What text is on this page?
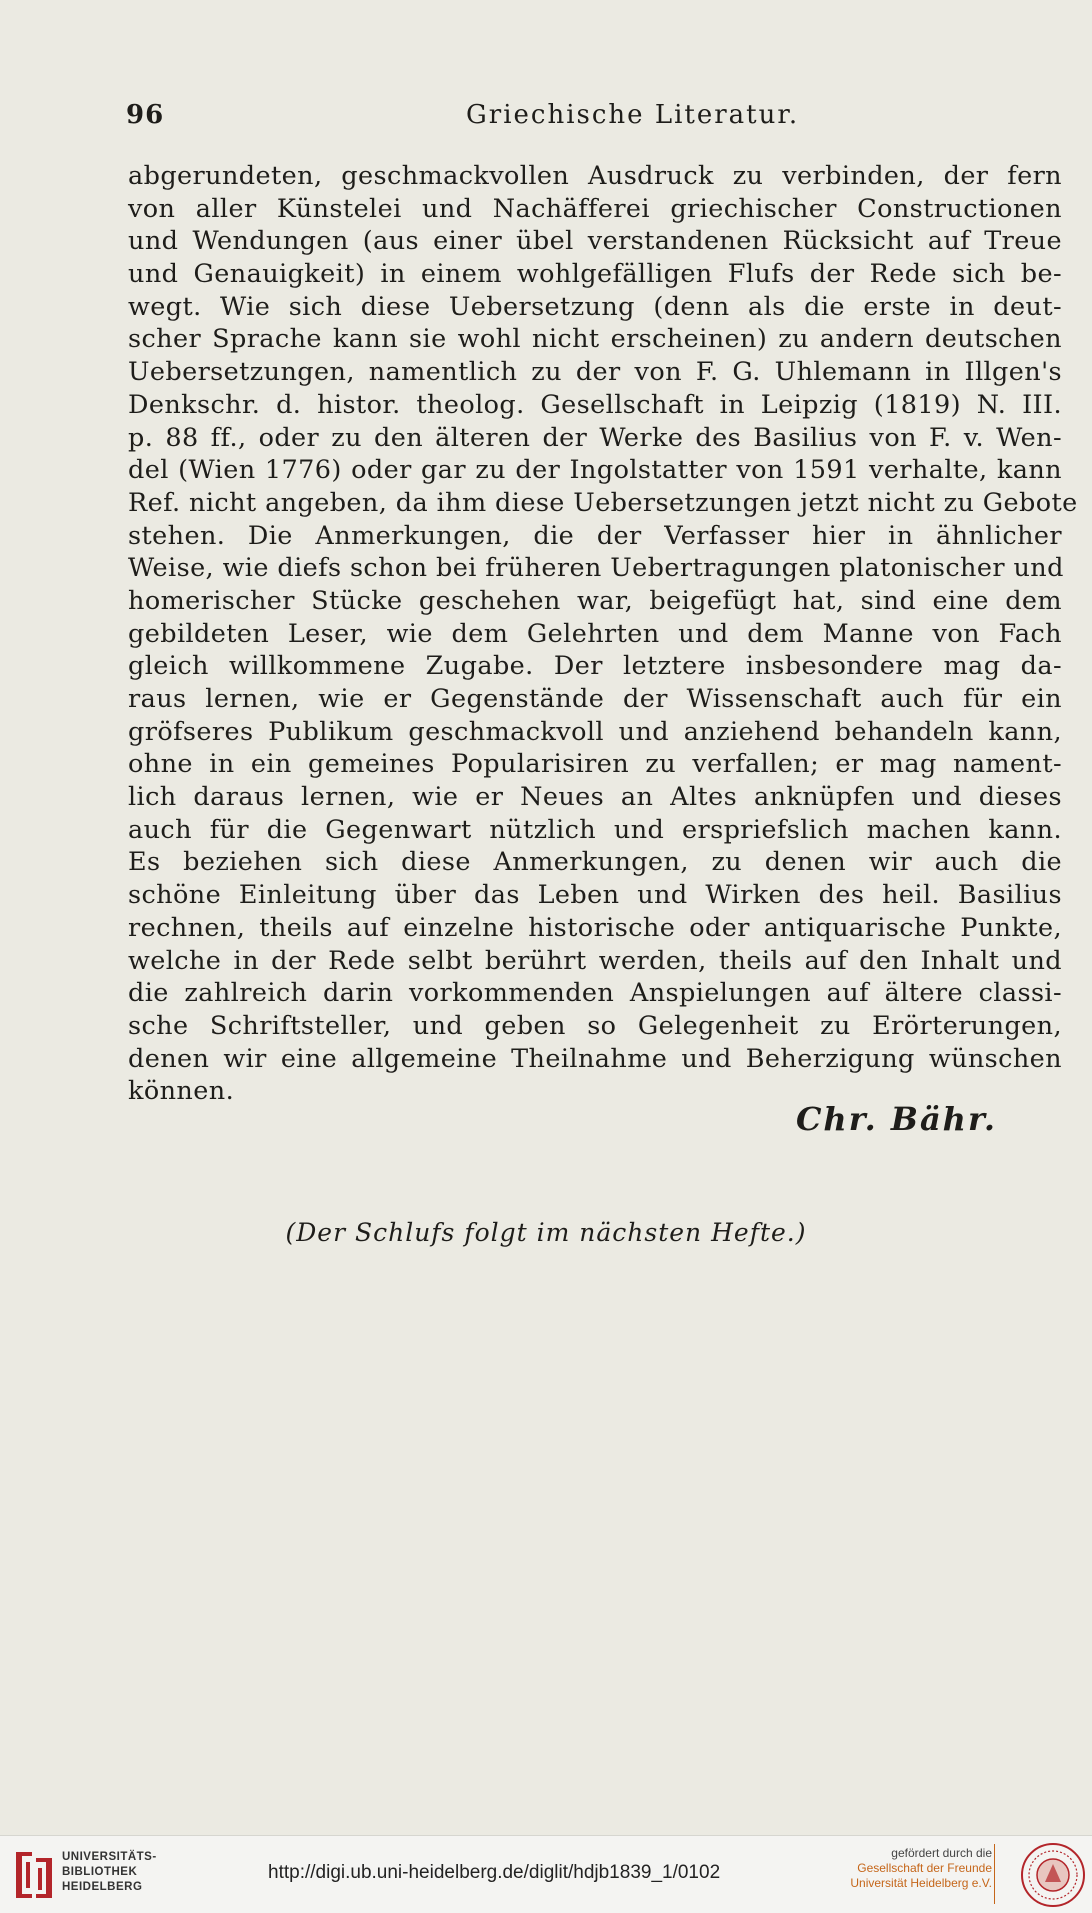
96	Griechische Literatur.
abgerundeten, geschmackvollen Ausdruck zu verbinden, der fern
von aller Künstelei und Nachäfferei griechischer Constructionen
und Wendungen (aus einer übel verstandenen Rücksicht auf Treue
und Genauigkeit) in einem wohlgefälligen Flufs der Rede sich be-
wegt. Wie sich diese Uebersetzung (denn als die erste in deut-
scher Sprache kann sie wohl nicht erscheinen) zu andern deutschen
Uebersetzungen, namentlich zu der von F. G. Uhlemann in Illgen's
Denkschr. d. histor. theolog. Gesellschaft in Leipzig (1819) N. III.
p. 88 ff., oder zu den älteren der Werke des Basilius von F. v. Wen-
del (Wien 1776) oder gar zu der Ingolstatter von 1591 verhalte, kann
Ref. nicht angeben, da ihm diese Uebersetzungen jetzt nicht zu Gebote
stehen. Die Anmerkungen, die der Verfasser hier in ähnlicher
Weise, wie diefs schon bei früheren Uebertragungen platonischer und
homerischer Stücke geschehen war, beigefügt hat, sind eine dem
gebildeten Leser, wie dem Gelehrten und dem Manne von Fach
gleich willkommene Zugabe. Der letztere insbesondere mag da-
raus lernen, wie er Gegenstände der Wissenschaft auch für ein
gröfseres Publikum geschmackvoll und anziehend behandeln kann,
ohne in ein gemeines Popularisiren zu verfallen; er mag nament-
lich daraus lernen, wie er Neues an Altes anknüpfen und dieses
auch für die Gegenwart nützlich und erspriefslich machen kann.
Es beziehen sich diese Anmerkungen, zu denen wir auch die
schöne Einleitung über das Leben und Wirken des heil. Basilius
rechnen, theils auf einzelne historische oder antiquarische Punkte,
welche in der Rede selbt berührt werden, theils auf den Inhalt und
die zahlreich darin vorkommenden Anspielungen auf ältere classi-
sche Schriftsteller, und geben so Gelegenheit zu Erörterungen,
denen wir eine allgemeine Theilnahme und Beherzigung wünschen
können.
Chr. Bähr.
(Der Schlufs folgt im nächsten Hefte.)
UNIVERSITÄTS-
BIBLIOTHEK
HEIDELBERG
http://digi.ub.uni-heidelberg.de/diglit/hdjb1839_1/0102
gefördert durch die
Gesellschaft der Freunde
Universität Heidelberg e.V.
